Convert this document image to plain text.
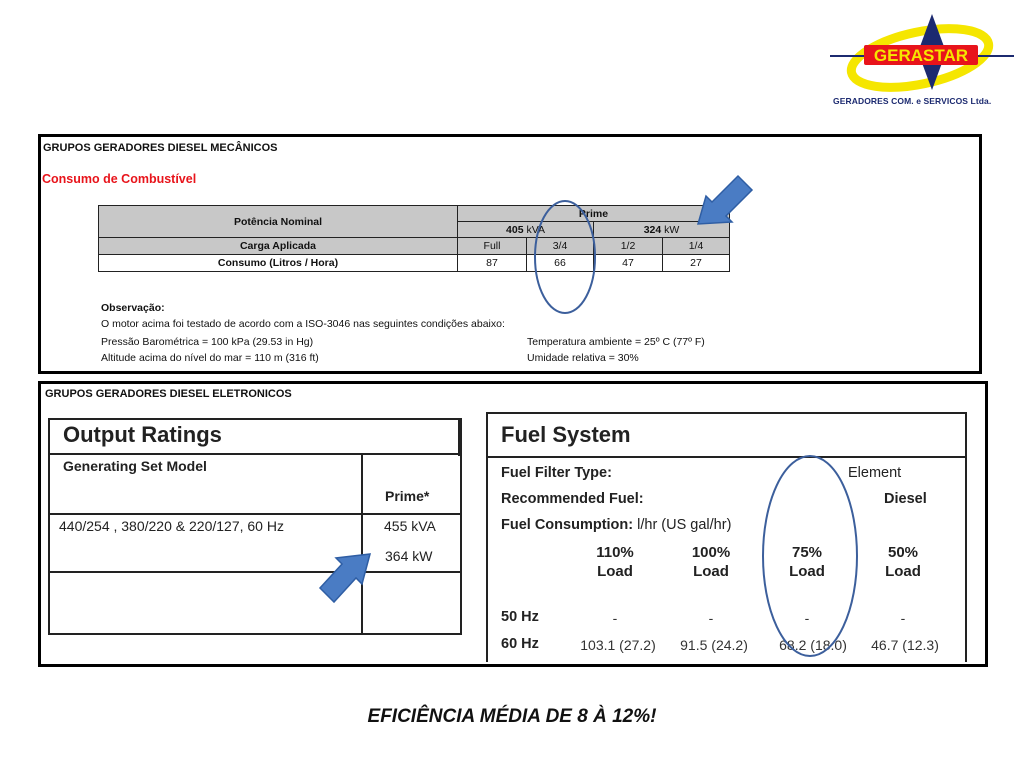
GERASTAR
GERADORES COM. e SERVICOS Ltda.
GRUPOS GERADORES DIESEL MECÂNICOS
Consumo de Combustível
Potência Nominal	Prime			
	405 kVA		324 kW	
Carga Aplicada	Full	3/4	1/2	1/4
Consumo (Litros / Hora)	87	66	47	27
Observação:
O motor acima foi testado de acordo com a ISO-3046 nas seguintes condições abaixo:
Pressão Barométrica = 100 kPa (29.53 in Hg)	Temperatura ambiente = 25º C (77º F)
Altitude acima do nível do mar = 110 m (316 ft)	Umidade relativa = 30%
GRUPOS GERADORES DIESEL ELETRONICOS
Output Ratings
Generating Set Model
Prime*
440/254 , 380/220 & 220/127, 60 Hz	455 kVA
364 kW
Fuel System
Fuel Filter Type:	Element
Recommended Fuel:	Diesel
Fuel Consumption: l/hr (US gal/hr)
110%
Load
100%
Load
75%
Load
50%
Load
50 Hz	-	-	-	-
60 Hz	103.1 (27.2)	91.5 (24.2)	68.2 (18.0)	46.7 (12.3)
EFICIÊNCIA MÉDIA DE 8 À 12%!
